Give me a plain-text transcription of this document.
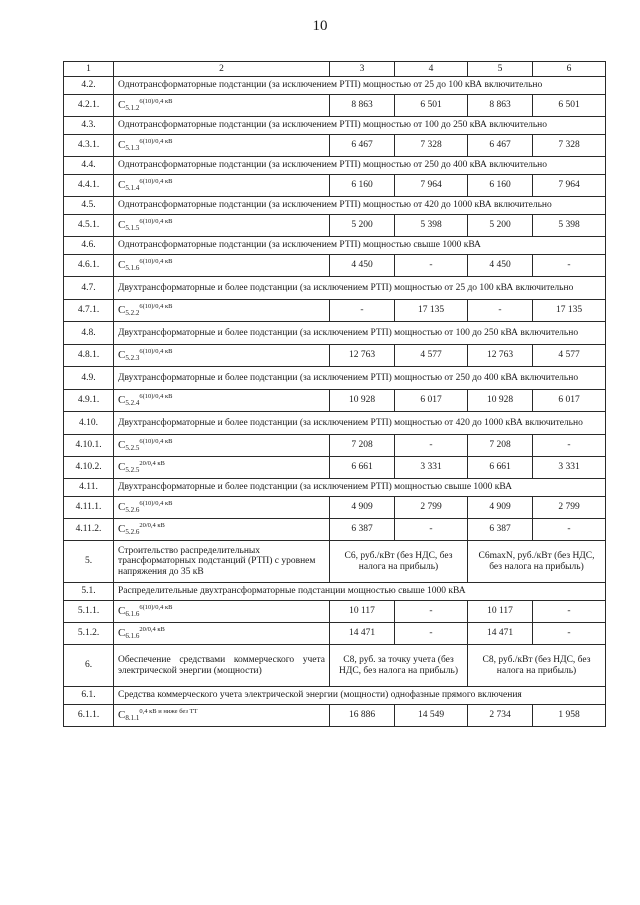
10
1	2	3	4	5	6
4.2.	Однотрансформаторные подстанции (за исключением РТП) мощностью от 25 до 100 кВА включительно				
4.2.1.	$C_{5.1.2}^{6(10)/0,4 кВ}$	8 863	6 501	8 863	6 501
4.3.	Однотрансформаторные подстанции (за исключением РТП) мощностью от 100 до 250 кВА включительно				
4.3.1.	$C_{5.1.3}^{6(10)/0,4 кВ}$	6 467	7 328	6 467	7 328
4.4.	Однотрансформаторные подстанции (за исключением РТП) мощностью от 250 до 400 кВА включительно				
4.4.1.	$C_{5.1.4}^{6(10)/0,4 кВ}$	6 160	7 964	6 160	7 964
4.5.	Однотрансформаторные подстанции (за исключением РТП) мощностью от 420 до 1000 кВА включительно				
4.5.1.	$C_{5.1.5}^{6(10)/0,4 кВ}$	5 200	5 398	5 200	5 398
4.6.	Однотрансформаторные подстанции (за исключением РТП) мощностью свыше 1000 кВА				
4.6.1.	$C_{5.1.6}^{6(10)/0,4 кВ}$	4 450	-	4 450	-
4.7.	Двухтрансформаторные и более подстанции (за исключением РТП) мощностью от 25 до 100 кВА включительно				
4.7.1.	$C_{5.2.2}^{6(10)/0,4 кВ}$	-	17 135	-	17 135
4.8.	Двухтрансформаторные и более подстанции (за исключением РТП) мощностью от 100 до 250 кВА включительно				
4.8.1.	$C_{5.2.3}^{6(10)/0,4 кВ}$	12 763	4 577	12 763	4 577
4.9.	Двухтрансформаторные и более подстанции (за исключением РТП) мощностью от 250 до 400 кВА включительно				
4.9.1.	$C_{5.2.4}^{6(10)/0,4 кВ}$	10 928	6 017	10 928	6 017
4.10.	Двухтрансформаторные и более подстанции (за исключением РТП) мощностью от 420 до 1000 кВА включительно				
4.10.1.	$C_{5.2.5}^{6(10)/0,4 кВ}$	7 208	-	7 208	-
4.10.2.	$C_{5.2.5}^{20/0,4 кВ}$	6 661	3 331	6 661	3 331
4.11.	Двухтрансформаторные и более подстанции (за исключением РТП) мощностью свыше 1000 кВА				
4.11.1.	$C_{5.2.6}^{6(10)/0,4 кВ}$	4 909	2 799	4 909	2 799
4.11.2.	$C_{5.2.6}^{20/0,4 кВ}$	6 387	-	6 387	-
5.	Строительство распределительных трансформаторных подстанций (РТП) с уровнем напряжения до 35 кВ	C6, руб./кВт (без НДС, без налога на прибыль)		C6maxN, руб./кВт (без НДС, без налога на прибыль)	
5.1.	Распределительные двухтрансформаторные подстанции мощностью свыше 1000 кВА				
5.1.1.	$C_{6.1.6}^{6(10)/0,4 кВ}$	10 117	-	10 117	-
5.1.2.	$C_{6.1.6}^{20/0,4 кВ}$	14 471	-	14 471	-
6.	Обеспечение средствами коммерческого учета электрической энергии (мощности)	C8, руб. за точку учета (без НДС, без налога на прибыль)		C8, руб./кВт (без НДС, без налога на прибыль)	
6.1.	Средства коммерческого учета электрической энергии (мощности) однофазные прямого включения				
6.1.1.	$C_{8.1.1}^{0,4 кВ и ниже без ТТ}$	16 886	14 549	2 734	1 958
